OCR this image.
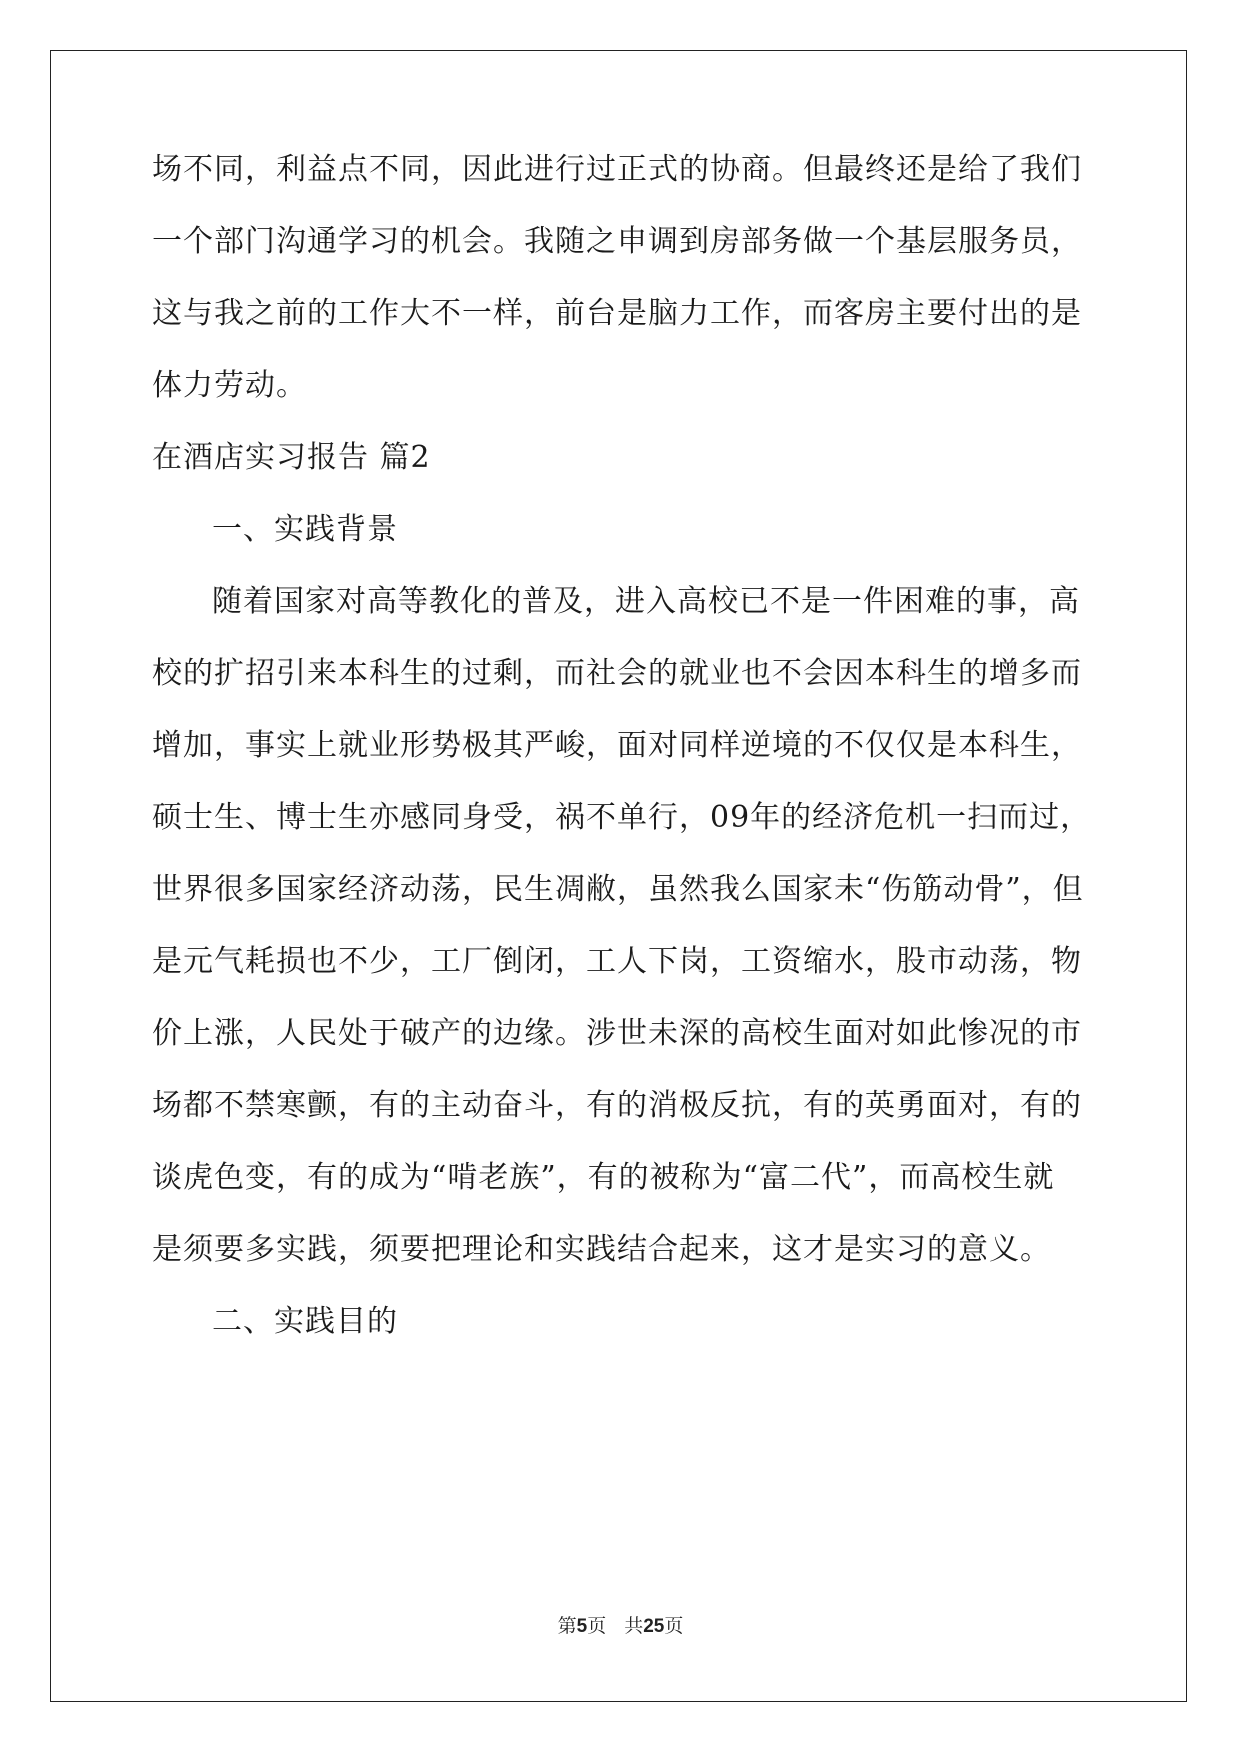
场不同，利益点不同，因此进行过正式的协商。但最终还是给了我们
一个部门沟通学习的机会。我随之申调到房部务做一个基层服务员，
这与我之前的工作大不一样，前台是脑力工作，而客房主要付出的是
体力劳动。
在酒店实习报告 篇2
一、实践背景
随着国家对高等教化的普及，进入高校已不是一件困难的事，高
校的扩招引来本科生的过剩，而社会的就业也不会因本科生的增多而
增加，事实上就业形势极其严峻，面对同样逆境的不仅仅是本科生，
硕士生、博士生亦感同身受，祸不单行，09年的经济危机一扫而过，
世界很多国家经济动荡，民生凋敝，虽然我么国家未“伤筋动骨”，但
是元气耗损也不少，工厂倒闭，工人下岗，工资缩水，股市动荡，物
价上涨，人民处于破产的边缘。涉世未深的高校生面对如此惨况的市
场都不禁寒颤，有的主动奋斗，有的消极反抗，有的英勇面对，有的
谈虎色变，有的成为“啃老族”，有的被称为“富二代”，而高校生就
是须要多实践，须要把理论和实践结合起来，这才是实习的意义。
二、实践目的
第5页 共25页
